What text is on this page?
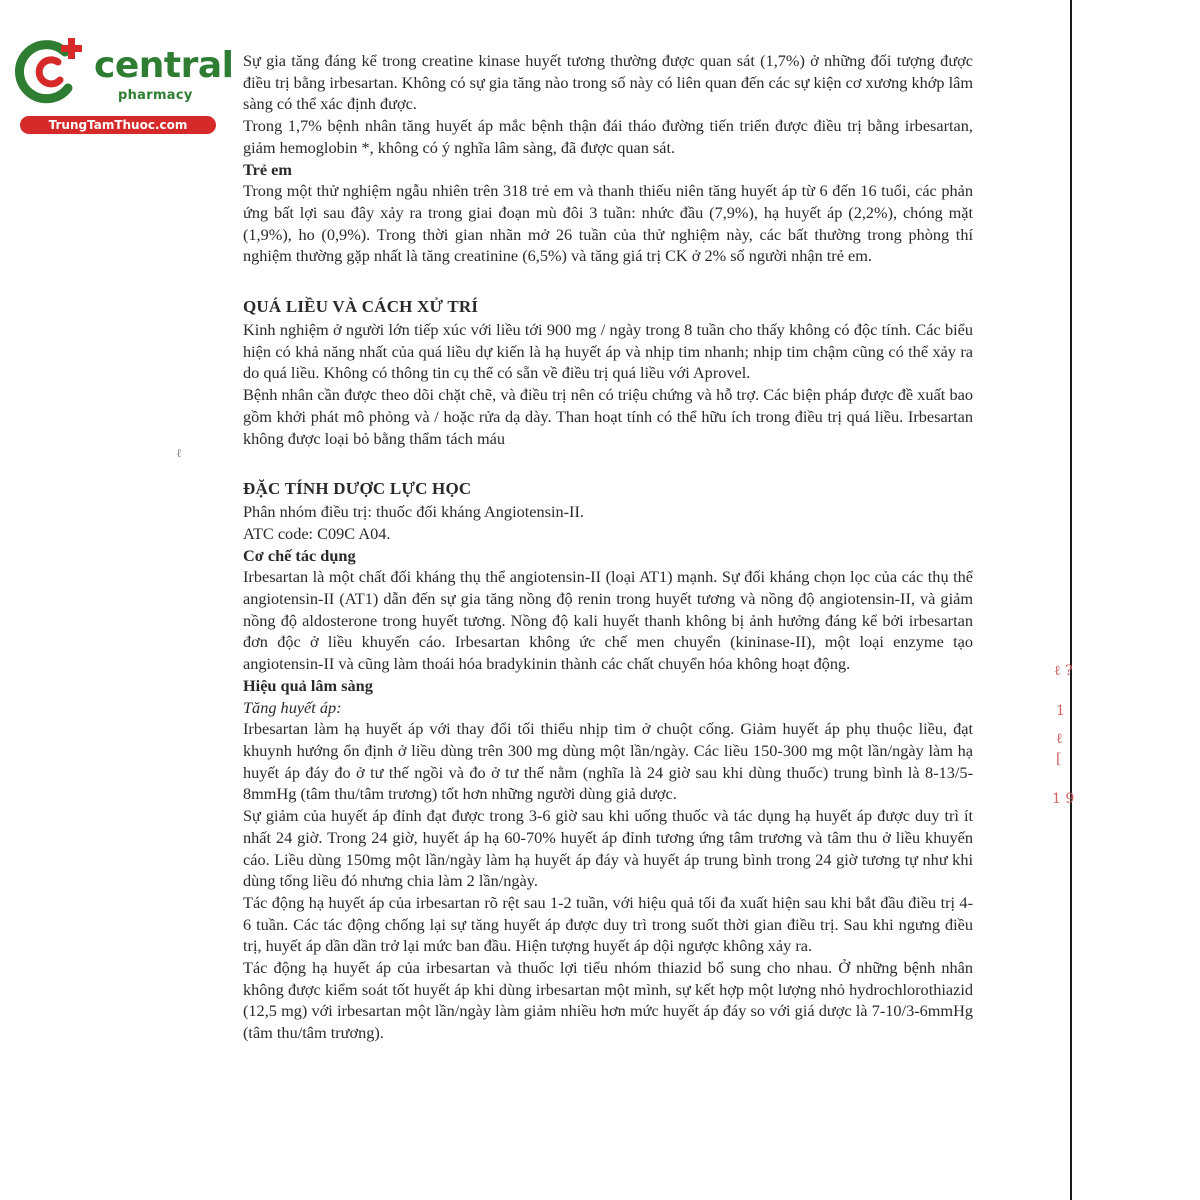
central
pharmacy
TrungTamThuoc.com
ℓ
ℓ ?
1
ℓ
[
1 9

Sự gia tăng đáng kể trong creatine kinase huyết tương thường được quan sát (1,7%) ở những đối tượng được điều trị bằng irbesartan. Không có sự gia tăng nào trong số này có liên quan đến các sự kiện cơ xương khớp lâm sàng có thể xác định được.

Trong 1,7% bệnh nhân tăng huyết áp mắc bệnh thận đái tháo đường tiến triển được điều trị bằng irbesartan, giảm hemoglobin *, không có ý nghĩa lâm sàng, đã được quan sát.

Trẻ em

Trong một thử nghiệm ngẫu nhiên trên 318 trẻ em và thanh thiếu niên tăng huyết áp từ 6 đến 16 tuổi, các phản ứng bất lợi sau đây xảy ra trong giai đoạn mù đôi 3 tuần: nhức đầu (7,9%), hạ huyết áp (2,2%), chóng mặt (1,9%), ho (0,9%). Trong thời gian nhãn mở 26 tuần của thử nghiệm này, các bất thường trong phòng thí nghiệm thường gặp nhất là tăng creatinine (6,5%) và tăng giá trị CK ở 2% số người nhận trẻ em.

QUÁ LIỀU VÀ CÁCH XỬ TRÍ

Kinh nghiệm ở người lớn tiếp xúc với liều tới 900 mg / ngày trong 8 tuần cho thấy không có độc tính. Các biểu hiện có khả năng nhất của quá liều dự kiến là hạ huyết áp và nhịp tim nhanh; nhịp tim chậm cũng có thể xảy ra do quá liều. Không có thông tin cụ thể có sẵn về điều trị quá liều với Aprovel.

Bệnh nhân cần được theo dõi chặt chẽ, và điều trị nên có triệu chứng và hỗ trợ. Các biện pháp được đề xuất bao gồm khởi phát mô phỏng và / hoặc rửa dạ dày. Than hoạt tính có thể hữu ích trong điều trị quá liều. Irbesartan không được loại bỏ bằng thẩm tách máu

ĐẶC TÍNH DƯỢC LỰC HỌC

Phân nhóm điều trị: thuốc đối kháng Angiotensin-II.

ATC code: C09C A04.

Cơ chế tác dụng

Irbesartan là một chất đối kháng thụ thể angiotensin-II (loại AT1) mạnh. Sự đối kháng chọn lọc của các thụ thể angiotensin-II (AT1) dẫn đến sự gia tăng nồng độ renin trong huyết tương và nồng độ angiotensin-II, và giảm nồng độ aldosterone trong huyết tương. Nồng độ kali huyết thanh không bị ảnh hưởng đáng kể bởi irbesartan đơn độc ở liều khuyến cáo. Irbesartan không ức chế men chuyển (kininase-II), một loại enzyme tạo angiotensin-II và cũng làm thoái hóa bradykinin thành các chất chuyển hóa không hoạt động.

Hiệu quả lâm sàng
Tăng huyết áp:

Irbesartan làm hạ huyết áp với thay đổi tối thiểu nhịp tim ở chuột cống. Giảm huyết áp phụ thuộc liều, đạt khuynh hướng ổn định ở liều dùng trên 300 mg dùng một lần/ngày. Các liều 150-300 mg một lần/ngày làm hạ huyết áp đáy đo ở tư thế ngồi và đo ở tư thế nằm (nghĩa là 24 giờ sau khi dùng thuốc) trung bình là 8-13/5-8mmHg (tâm thu/tâm trương) tốt hơn những người dùng giả dược.

Sự giảm của huyết áp đỉnh đạt được trong 3-6 giờ sau khi uống thuốc và tác dụng hạ huyết áp được duy trì ít nhất 24 giờ. Trong 24 giờ, huyết áp hạ 60-70% huyết áp đỉnh tương ứng tâm trương và tâm thu ở liều khuyến cáo. Liều dùng 150mg một lần/ngày làm hạ huyết áp đáy và huyết áp trung bình trong 24 giờ tương tự như khi dùng tổng liều đó nhưng chia làm 2 lần/ngày.

Tác động hạ huyết áp của irbesartan rõ rệt sau 1-2 tuần, với hiệu quả tối đa xuất hiện sau khi bắt đầu điều trị 4-6 tuần. Các tác động chống lại sự tăng huyết áp được duy trì trong suốt thời gian điều trị. Sau khi ngưng điều trị, huyết áp dần dần trở lại mức ban đầu. Hiện tượng huyết áp dội ngược không xảy ra.

Tác động hạ huyết áp của irbesartan và thuốc lợi tiểu nhóm thiazid bổ sung cho nhau. Ở những bệnh nhân không được kiểm soát tốt huyết áp khi dùng irbesartan một mình, sự kết hợp một lượng nhỏ hydrochlorothiazid (12,5 mg) với irbesartan một lần/ngày làm giảm nhiều hơn mức huyết áp đáy so với giá dược là 7-10/3-6mmHg (tâm thu/tâm trương).
